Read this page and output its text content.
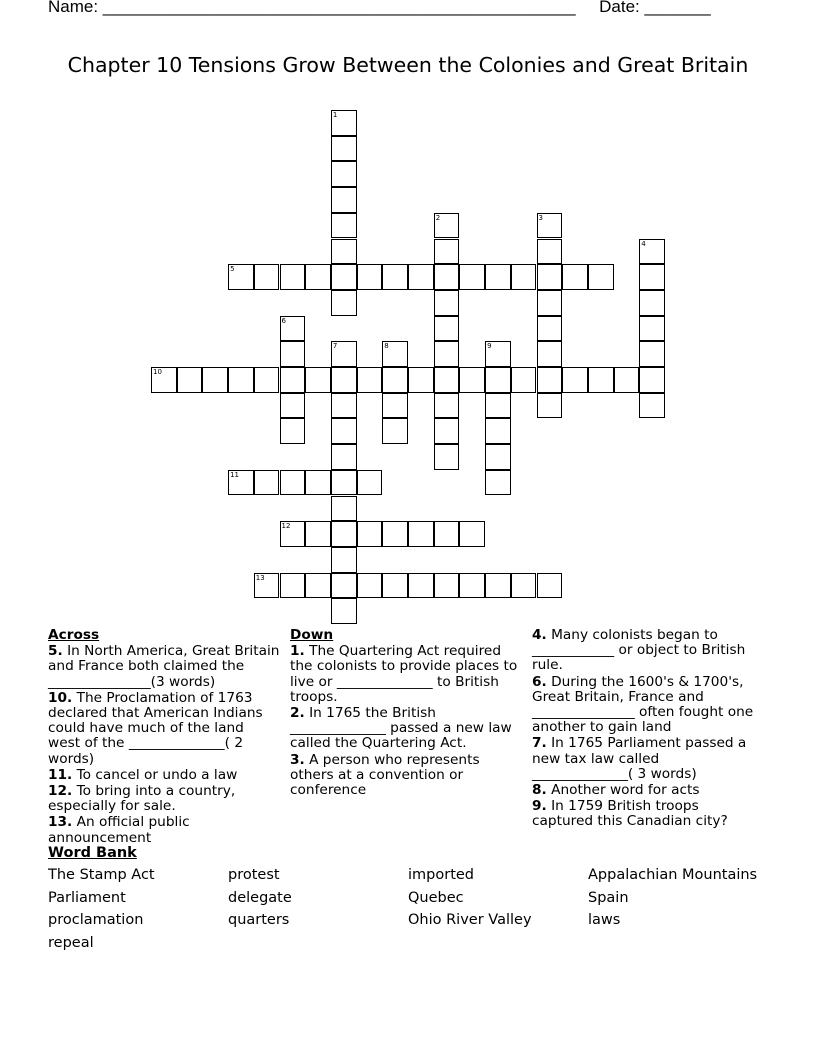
Name: __________________________________________________     Date: _______
Chapter 10 Tensions Grow Between the Colonies and Great Britain
5
10
11
12
13
1
2	3
4
6
7	8	9
Across
5. In North America, Great Britain and France both claimed the _______________(3 words)
10. The Proclamation of 1763 declared that American Indians could have much of the land west of the ______________( 2 words)
11. To cancel or undo a law
12. To bring into a country, especially for sale.
13. An official public announcement
Down
1. The Quartering Act required the colonists to provide places to live or ______________ to British troops.
2. In 1765 the British ______________ passed a new law called the Quartering Act.
3. A person who represents others at a convention or conference
4. Many colonists began to ____________ or object to British rule.
6. During the 1600's & 1700's, Great Britain, France and _______________ often fought one another to gain land
7. In 1765 Parliament passed a new tax law called ______________( 3 words)
8. Another word for acts
9. In 1759 British troops captured this Canadian city?
Word Bank
The Stamp Act	protest	imported	Appalachian Mountains
Parliament	delegate	Quebec	Spain
proclamation	quarters	Ohio River Valley	laws
repeal
